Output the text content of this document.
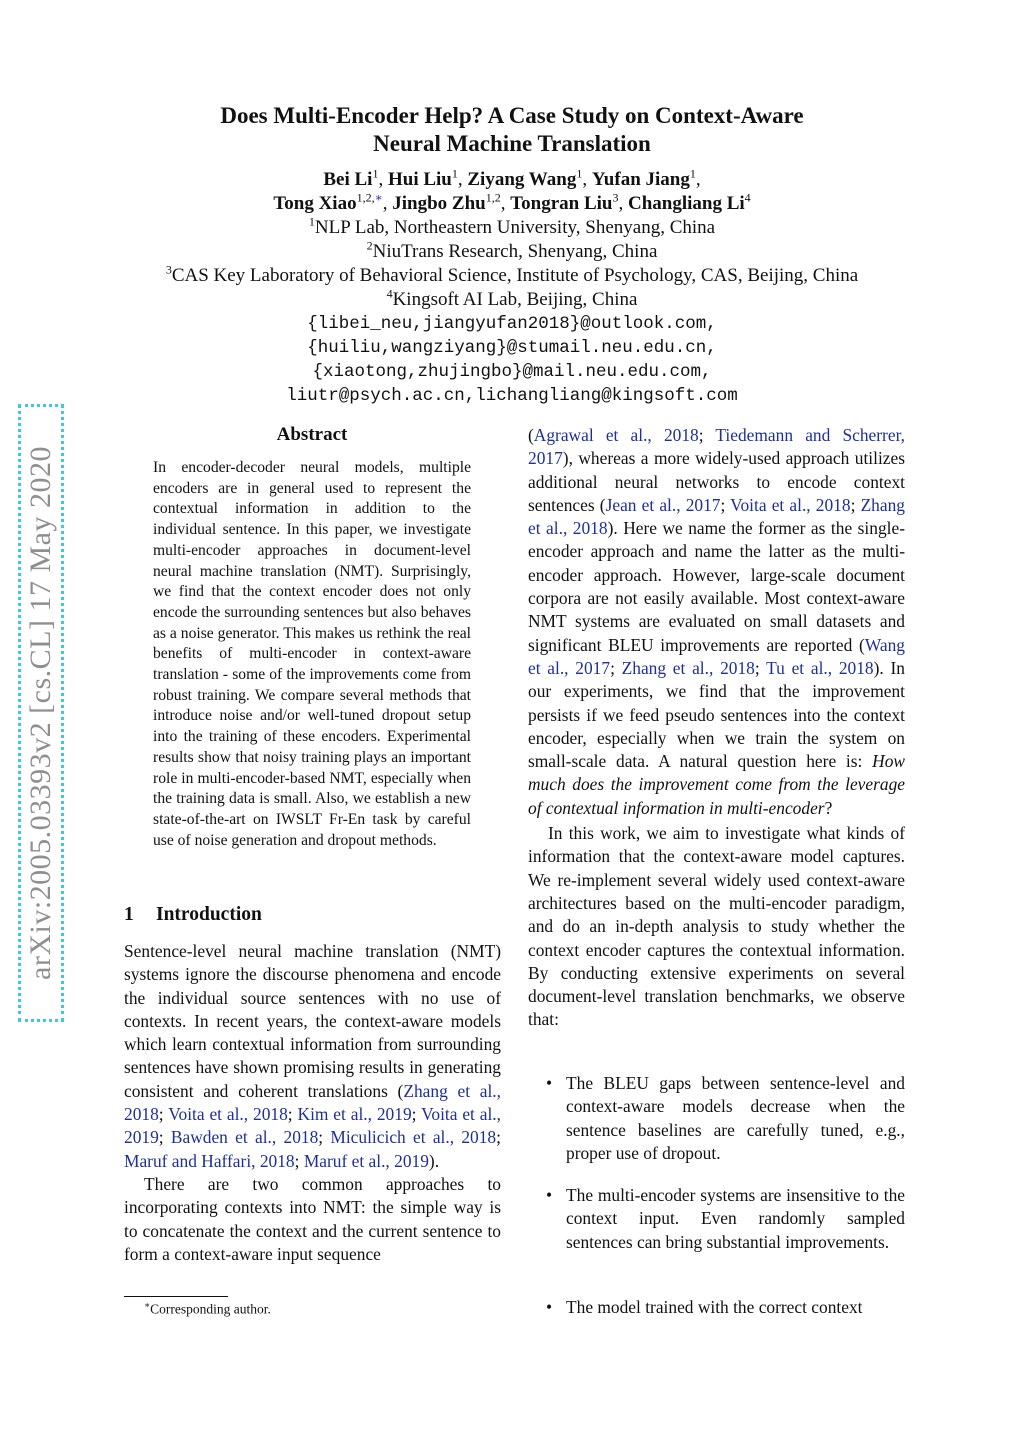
arXiv:2005.03393v2 [cs.CL] 17 May 2020
Does Multi-Encoder Help? A Case Study on Context-Aware
Neural Machine Translation
Bei Li$^1$, Hui Liu$^1$, Ziyang Wang$^1$, Yufan Jiang$^1$,
Tong Xiao$^{1,2,∗}$, Jingbo Zhu$^{1,2}$, Tongran Liu$^3$, Changliang Li$^4$
$^1$NLP Lab, Northeastern University, Shenyang, China
$^2$NiuTrans Research, Shenyang, China
$^3$CAS Key Laboratory of Behavioral Science, Institute of Psychology, CAS, Beijing, China
$^4$Kingsoft AI Lab, Beijing, China
{libei_neu,jiangyufan2018}@outlook.com,
{huiliu,wangziyang}@stumail.neu.edu.cn,
{xiaotong,zhujingbo}@mail.neu.edu.com,
liutr@psych.ac.cn,lichangliang@kingsoft.com
Abstract
In encoder-decoder neural models, multiple encoders are in general used to represent the contextual information in addition to the individual sentence. In this paper, we investigate multi-encoder approaches in document-level neural machine translation (NMT). Surprisingly, we find that the context encoder does not only encode the surrounding sentences but also behaves as a noise generator. This makes us rethink the real benefits of multi-encoder in context-aware translation - some of the improvements come from robust training. We compare several methods that introduce noise and/or well-tuned dropout setup into the training of these encoders. Experimental results show that noisy training plays an important role in multi-encoder-based NMT, especially when the training data is small. Also, we establish a new state-of-the-art on IWSLT Fr-En task by careful use of noise generation and dropout methods.
1 Introduction

Sentence-level neural machine translation (NMT) systems ignore the discourse phenomena and encode the individual source sentences with no use of contexts. In recent years, the context-aware models which learn contextual information from surrounding sentences have shown promising results in generating consistent and coherent translations (Zhang et al., 2018; Voita et al., 2018; Kim et al., 2019; Voita et al., 2019; Bawden et al., 2018; Miculicich et al., 2018; Maruf and Haffari, 2018; Maruf et al., 2019).

There are two common approaches to incorporating contexts into NMT: the simple way is to concatenate the context and the current sentence to form a context-aware input sequence

(Agrawal et al., 2018; Tiedemann and Scherrer, 2017), whereas a more widely-used approach utilizes additional neural networks to encode context sentences (Jean et al., 2017; Voita et al., 2018; Zhang et al., 2018). Here we name the former as the single-encoder approach and name the latter as the multi-encoder approach. However, large-scale document corpora are not easily available. Most context-aware NMT systems are evaluated on small datasets and significant BLEU improvements are reported (Wang et al., 2017; Zhang et al., 2018; Tu et al., 2018). In our experiments, we find that the improvement persists if we feed pseudo sentences into the context encoder, especially when we train the system on small-scale data. A natural question here is: How much does the improvement come from the leverage of contextual information in multi-encoder?

In this work, we aim to investigate what kinds of information that the context-aware model captures. We re-implement several widely used context-aware architectures based on the multi-encoder paradigm, and do an in-depth analysis to study whether the context encoder captures the contextual information. By conducting extensive experiments on several document-level translation benchmarks, we observe that:

• The BLEU gaps between sentence-level and context-aware models decrease when the sentence baselines are carefully tuned, e.g., proper use of dropout.
• The multi-encoder systems are insensitive to the context input. Even randomly sampled sentences can bring substantial improvements.
• The model trained with the correct context
∗Corresponding author.
